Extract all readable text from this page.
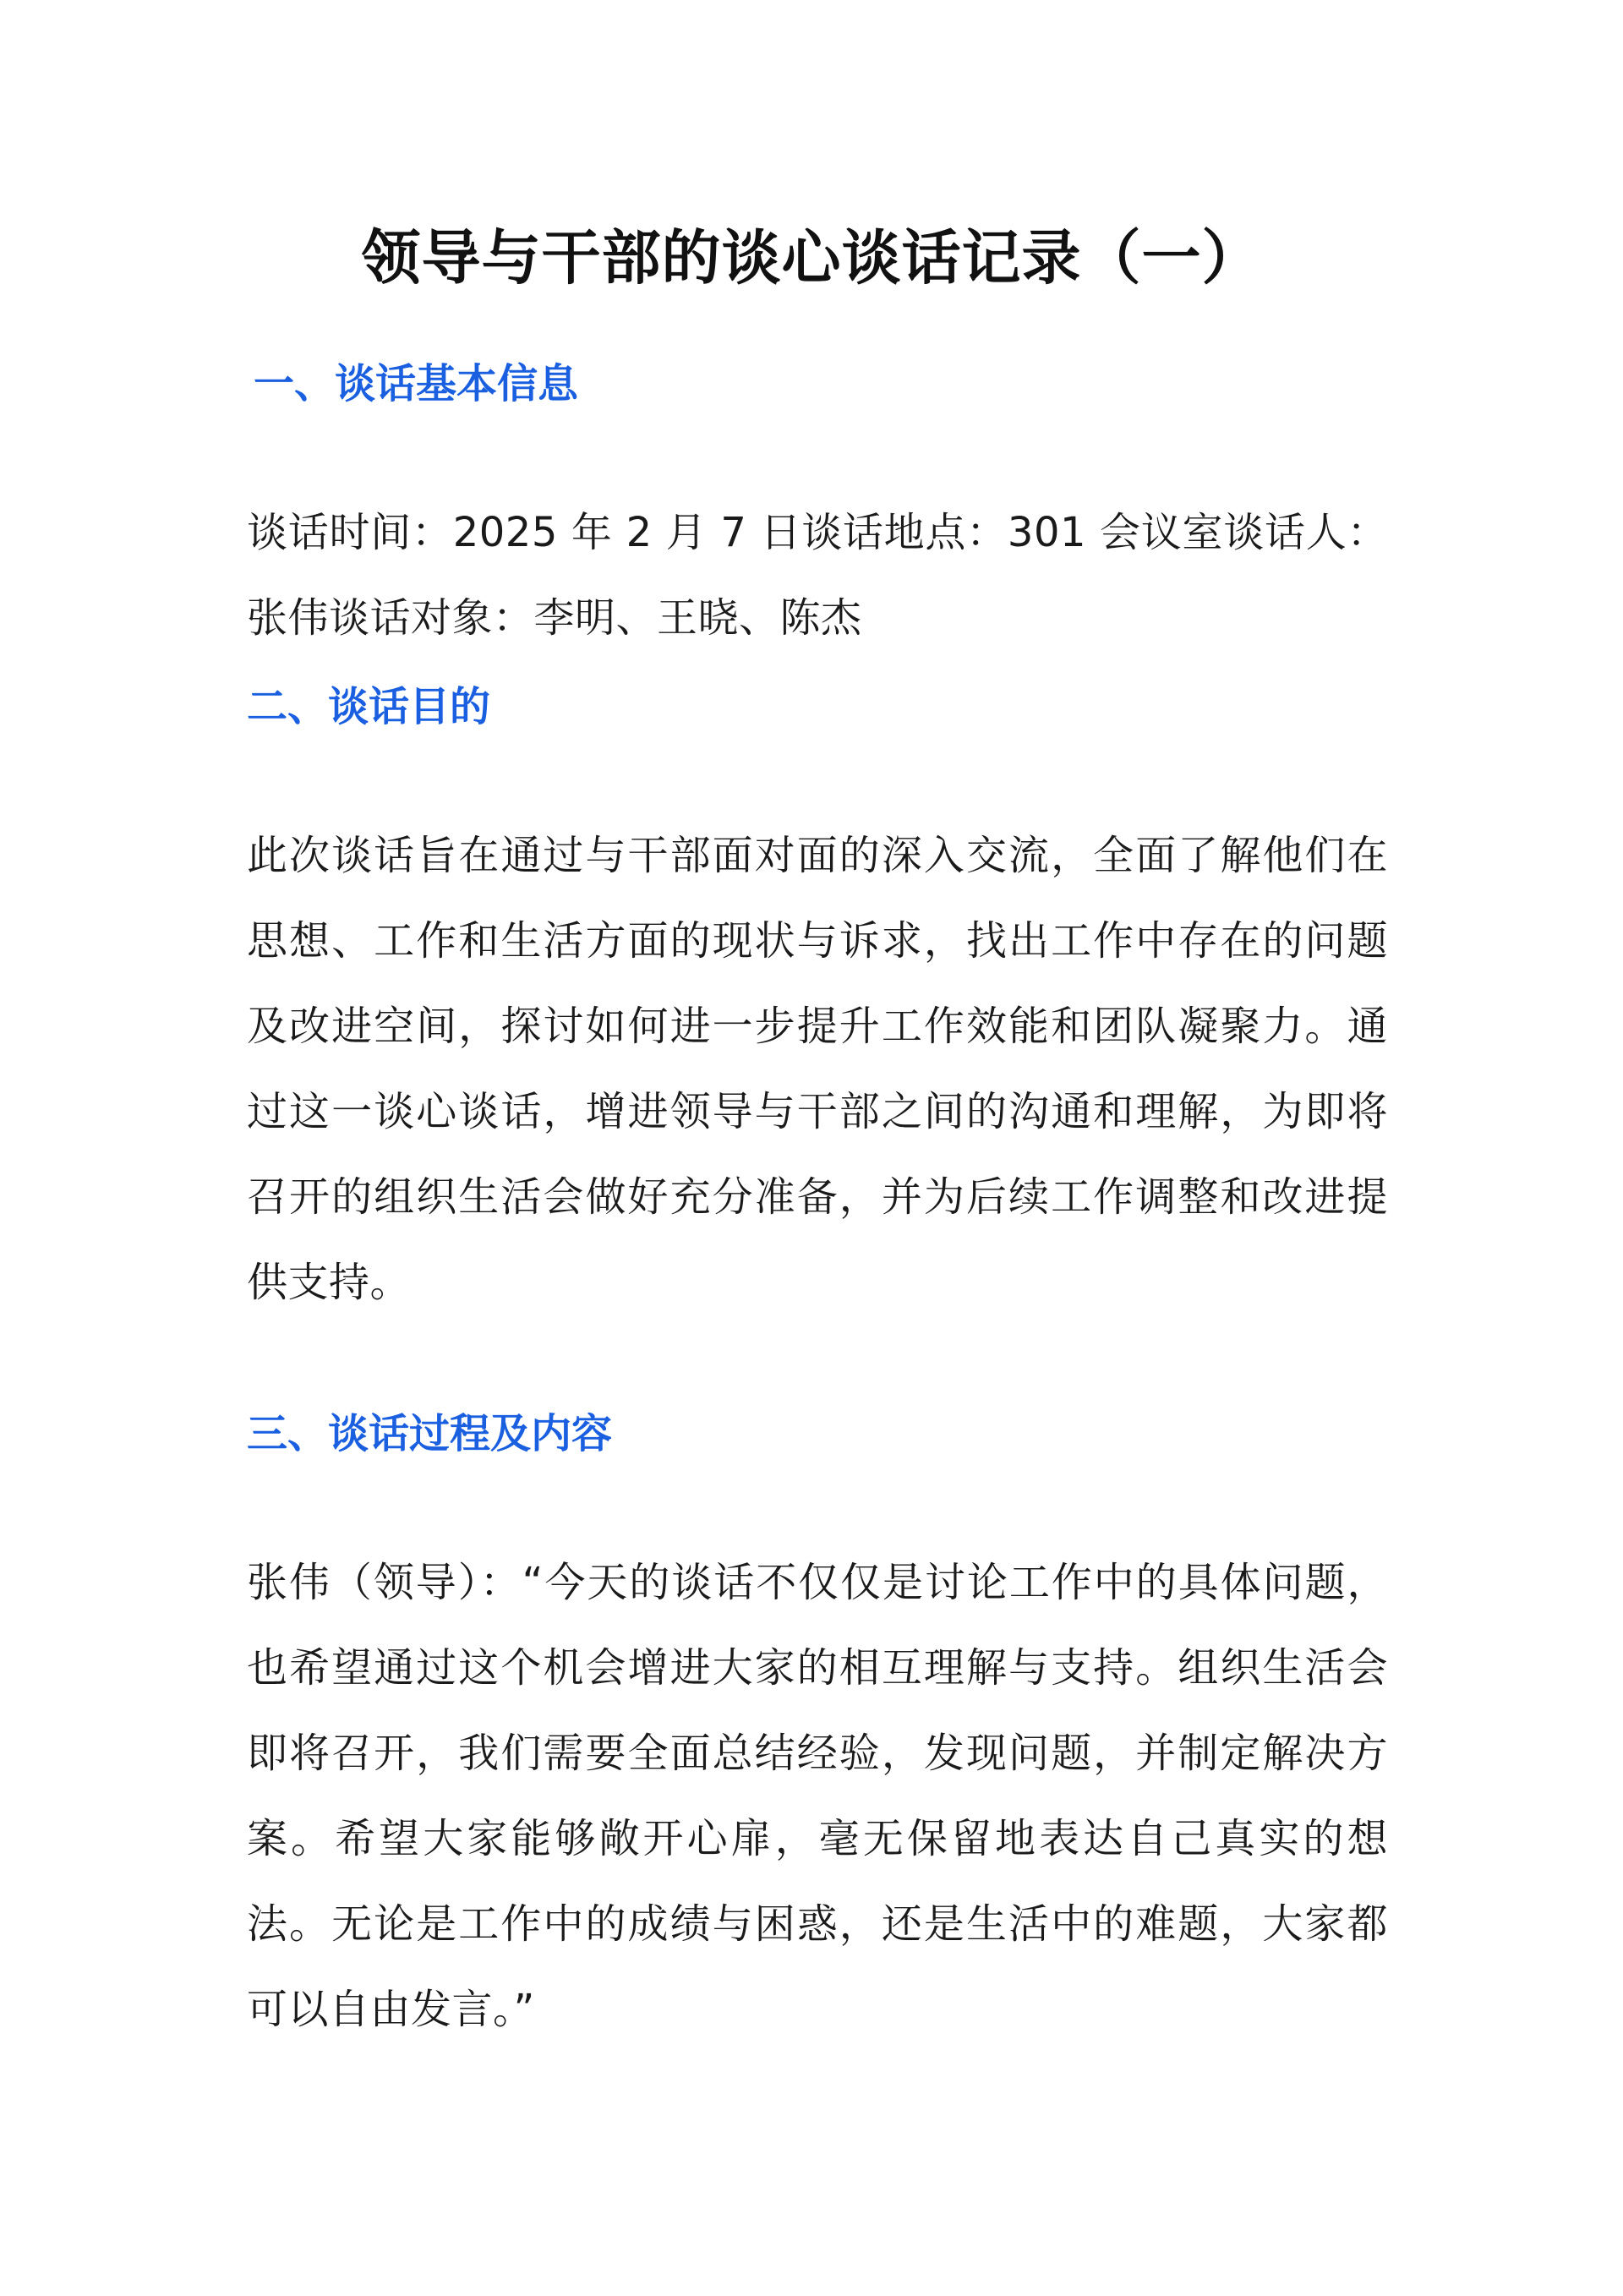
领导与干部的谈心谈话记录（一）
一、谈话基本信息

谈话时间：2025 年 2 月 7 日谈话地点：301 会议室谈话人：张伟谈话对象：李明、王晓、陈杰

二、谈话目的

此次谈话旨在通过与干部面对面的深入交流，全面了解他们在思想、工作和生活方面的现状与诉求，找出工作中存在的问题及改进空间，探讨如何进一步提升工作效能和团队凝聚力。通过这一谈心谈话，增进领导与干部之间的沟通和理解，为即将召开的组织生活会做好充分准备，并为后续工作调整和改进提供支持。

三、谈话过程及内容

张伟（领导）：“今天的谈话不仅仅是讨论工作中的具体问题，也希望通过这个机会增进大家的相互理解与支持。组织生活会即将召开，我们需要全面总结经验，发现问题，并制定解决方案。希望大家能够敞开心扉，毫无保留地表达自己真实的想法。无论是工作中的成绩与困惑，还是生活中的难题，大家都可以自由发言。”
